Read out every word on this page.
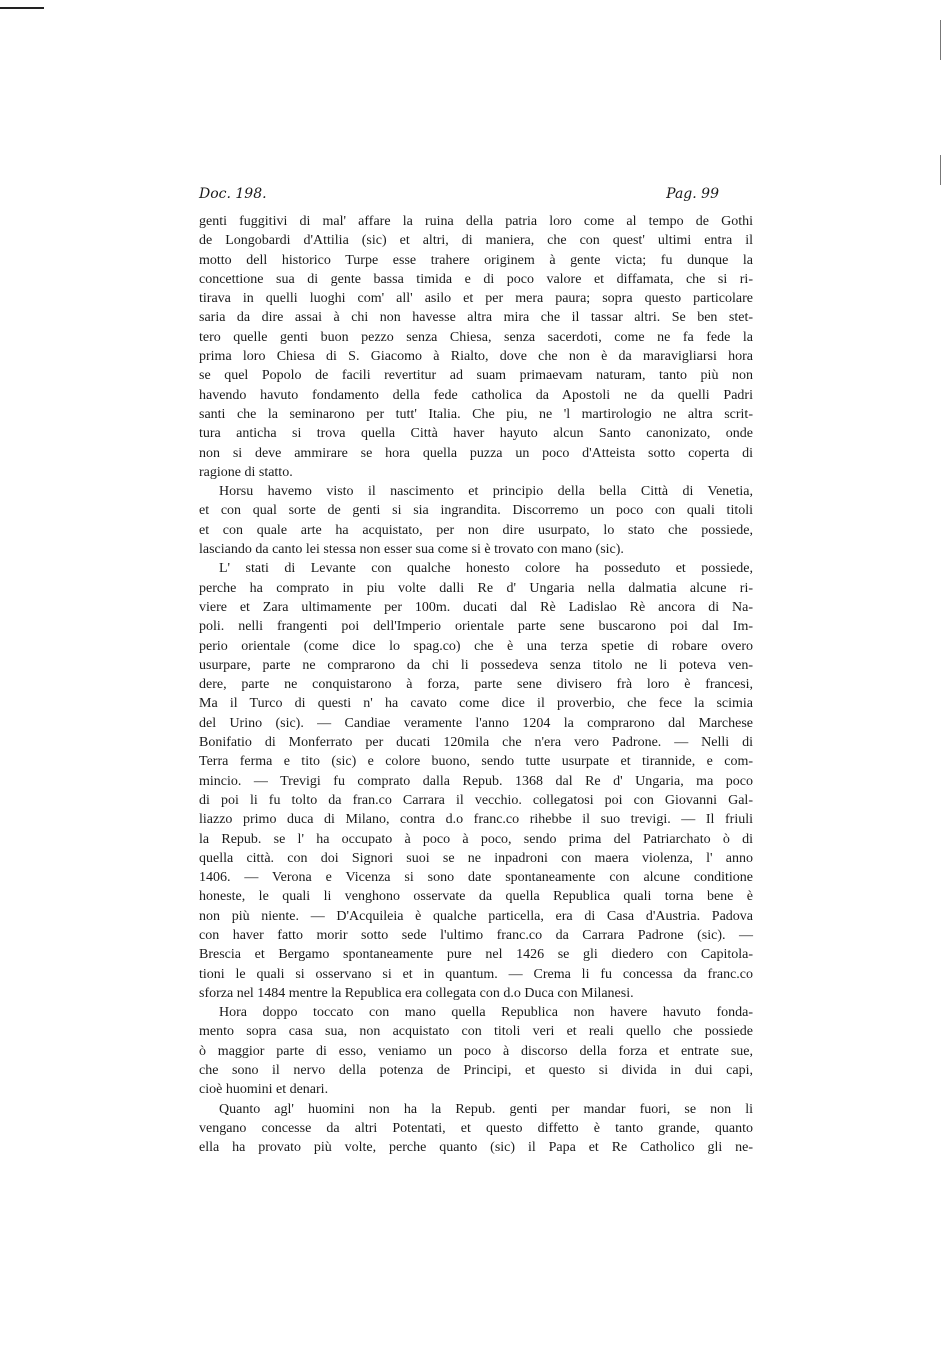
Doc. 198.	Pag. 99
genti fuggitivi di mal' affare la ruina della patria loro come al tempo de Gothi
de Longobardi d'Attilia (sic) et altri, di maniera, che con quest' ultimi entra il
motto dell historico Turpe esse trahere originem à gente victa; fu dunque la
concettione sua di gente bassa timida e di poco valore et diffamata, che si ri-
tirava in quelli luoghi com' all' asilo et per mera paura; sopra questo particolare
saria da dire assai à chi non havesse altra mira che il tassar altri. Se ben stet-
tero quelle genti buon pezzo senza Chiesa, senza sacerdoti, come ne fa fede la
prima loro Chiesa di S. Giacomo à Rialto, dove che non è da maravigliarsi hora
se quel Popolo de facili revertitur ad suam primaevam naturam, tanto più non
havendo havuto fondamento della fede catholica da Apostoli ne da quelli Padri
santi che la seminarono per tutt' Italia. Che piu, ne 'l martirologio ne altra scrit-
tura anticha si trova quella Città haver hayuto alcun Santo canonizato, onde
non si deve ammirare se hora quella puzza un poco d'Atteista sotto coperta di
ragione di statto.
Horsu havemo visto il nascimento et principio della bella Città di Venetia,
et con qual sorte de genti si sia ingrandita. Discorremo un poco con quali titoli
et con quale arte ha acquistato, per non dire usurpato, lo stato che possiede,
lasciando da canto lei stessa non esser sua come si è trovato con mano (sic).
L' stati di Levante con qualche honesto colore ha posseduto et possiede,
perche ha comprato in piu volte dalli Re d' Ungaria nella dalmatia alcune ri-
viere et Zara ultimamente per 100m. ducati dal Rè Ladislao Rè ancora di Na-
poli. nelli frangenti poi dell'Imperio orientale parte sene buscarono poi dal Im-
perio orientale (come dice lo spag.co) che è una terza spetie di robare overo
usurpare, parte ne comprarono da chi li possedeva senza titolo ne li poteva ven-
dere, parte ne conquistarono à forza, parte sene divisero frà loro è francesi,
Ma il Turco di questi n' ha cavato come dice il proverbio, che fece la scimia
del Urino (sic). — Candiae veramente l'anno 1204 la comprarono dal Marchese
Bonifatio di Monferrato per ducati 120mila che n'era vero Padrone. — Nelli di
Terra ferma e tito (sic) e colore buono, sendo tutte usurpate et tirannide, e com-
mincio. — Trevigi fu comprato dalla Repub. 1368 dal Re d' Ungaria, ma poco
di poi li fu tolto da fran.co Carrara il vecchio. collegatosi poi con Giovanni Gal-
liazzo primo duca di Milano, contra d.o franc.co rihebbe il suo trevigi. — Il friuli
la Repub. se l' ha occupato à poco à poco, sendo prima del Patriarchato ò di
quella città. con doi Signori suoi se ne inpadroni con maera violenza, l' anno
1406. — Verona e Vicenza si sono date spontaneamente con alcune conditione
honeste, le quali li venghono osservate da quella Republica quali torna bene è
non più niente. — D'Acquileia è qualche particella, era di Casa d'Austria. Padova
con haver fatto morir sotto sede l'ultimo franc.co da Carrara Padrone (sic). —
Brescia et Bergamo spontaneamente pure nel 1426 se gli diedero con Capitola-
tioni le quali si osservano si et in quantum. — Crema li fu concessa da franc.co
sforza nel 1484 mentre la Republica era collegata con d.o Duca con Milanesi.
Hora doppo toccato con mano quella Republica non havere havuto fonda-
mento sopra casa sua, non acquistato con titoli veri et reali quello che possiede
ò maggior parte di esso, veniamo un poco à discorso della forza et entrate sue,
che sono il nervo della potenza de Principi, et questo si divida in dui capi,
cioè huomini et denari.
Quanto agl' huomini non ha la Repub. genti per mandar fuori, se non li
vengano concesse da altri Potentati, et questo diffetto è tanto grande, quanto
ella ha provato più volte, perche quanto (sic) il Papa et Re Catholico gli ne-
